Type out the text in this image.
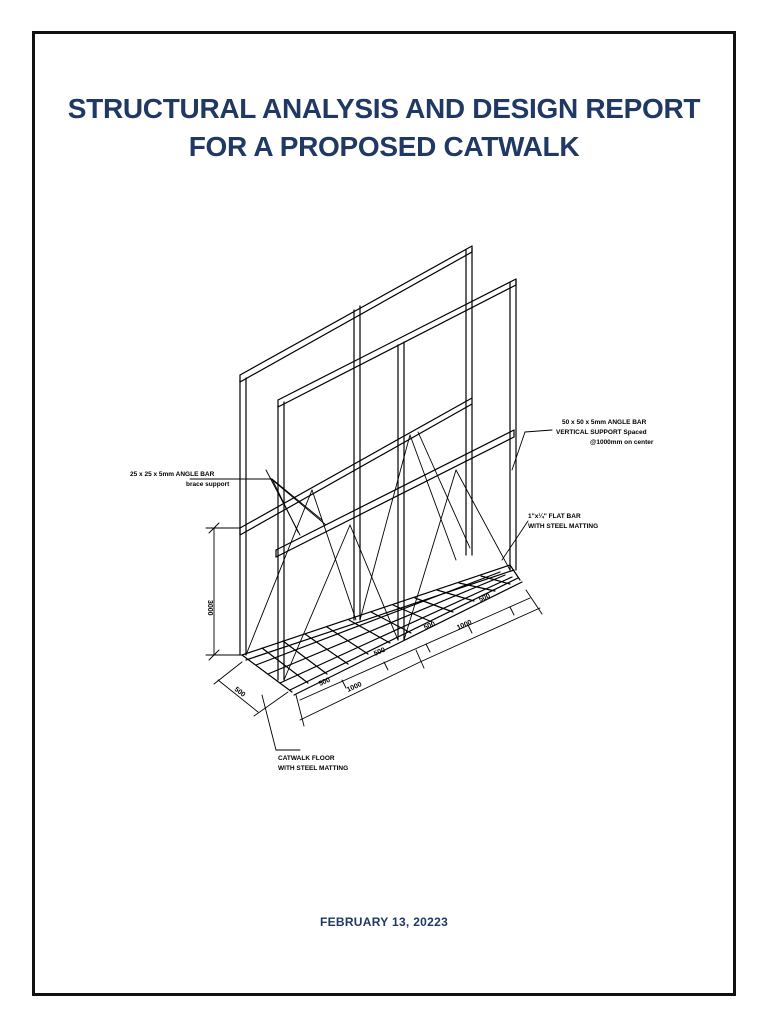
STRUCTURAL ANALYSIS AND DESIGN REPORT
FOR A PROPOSED CATWALK
25 x 25 x 5mm ANGLE BAR
brace support
50 x 50 x 5mm ANGLE BAR
VERTICAL SUPPORT Spaced
@1000mm on center
1"x¼" FLAT BAR
WITH STEEL MATTING
CATWALK FLOOR
WITH STEEL MATTING
3000
500
500
500
500
500
1000
1000
FEBRUARY 13, 20223
